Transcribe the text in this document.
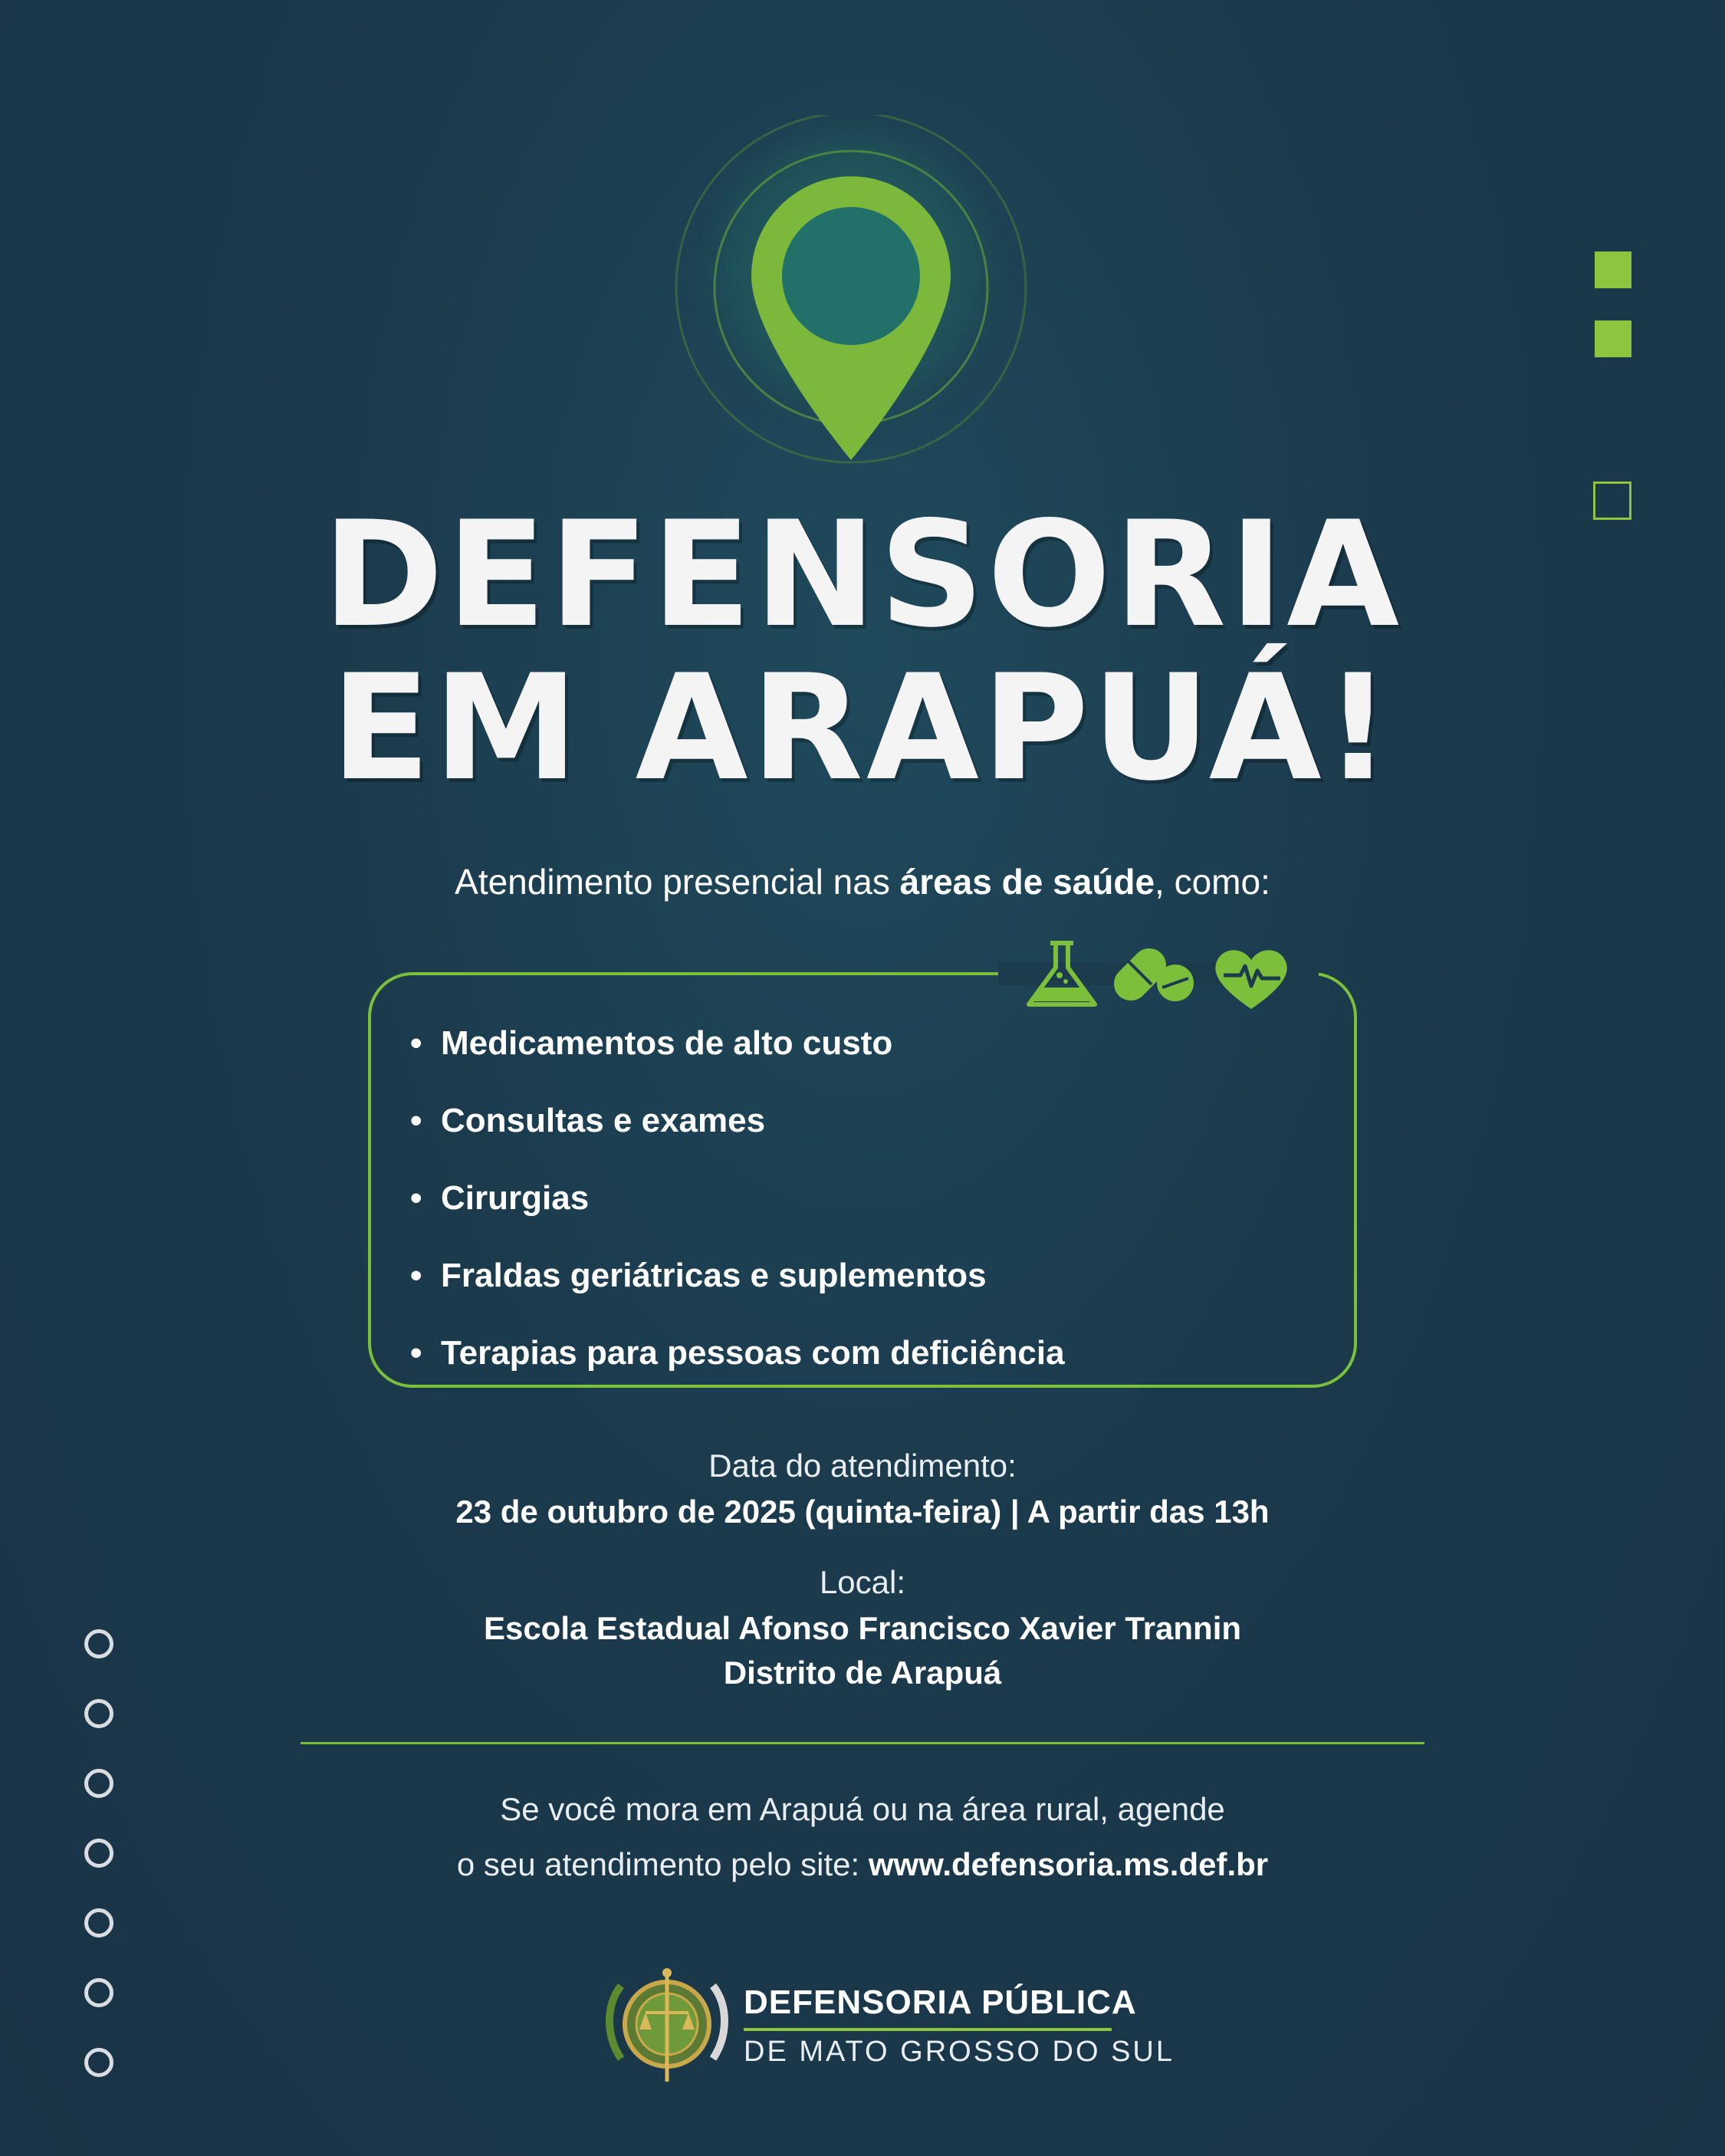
DEFENSORIA
EM ARAPUÁ!
Atendimento presencial nas áreas de saúde, como:
• Medicamentos de alto custo
• Consultas e exames
• Cirurgias
• Fraldas geriátricas e suplementos
• Terapias para pessoas com deficiência
Data do atendimento:
23 de outubro de 2025 (quinta-feira) | A partir das 13h
Local:
Escola Estadual Afonso Francisco Xavier Trannin
Distrito de Arapuá
Se você mora em Arapuá ou na área rural, agende
o seu atendimento pelo site: www.defensoria.ms.def.br
DEFENSORIA PÚBLICA
DE MATO GROSSO DO SUL
